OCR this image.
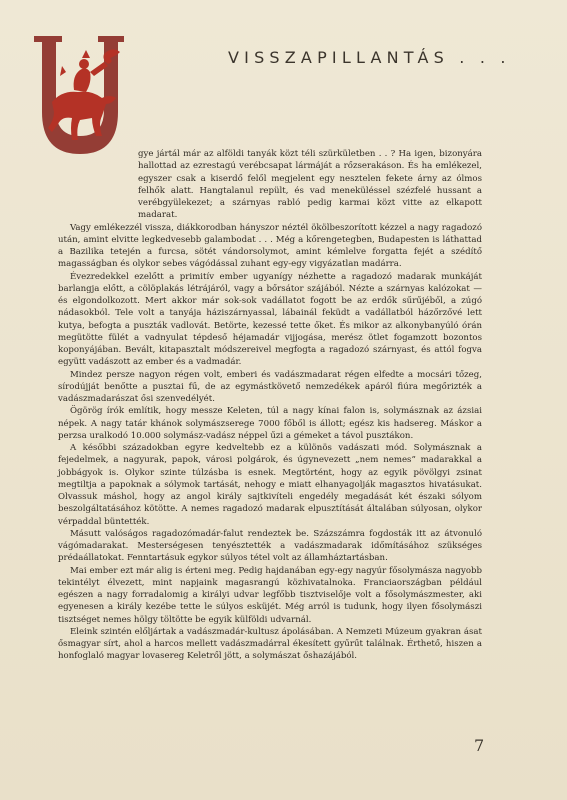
VISSZAPILLANTÁS . . .

gye jártál már az alföldi tanyák közt téli szürkületben . . ? Ha igen, bizonyára hallottad az ezrestagú verébcsapat lármáját a rőzserakáson. És ha emlékezel, egyszer csak a kiserdő felől megjelent egy nesztelen fekete árny az ólmos felhők alatt. Hangtalanul repült, és vad meneküléssel szézfelé hussant a verébgyülekezet; a szárnyas rabló pedig karmai közt vitte az elkapott madarat.

Vagy emlékezzél vissza, diákkorodban hányszor néztél ökölbeszorított kézzel a nagy ragadozó után, amint elvitte legkedvesebb galambodat . . . Még a kőrengetegben, Budapesten is láthattad a Bazilika tetején a furcsa, sötét vándorsolymot, amint kémlelve forgatta fejét a szédítő magasságban és olykor sebes vágódással zuhant egy-egy vigyázatlan madárra.

Évezredekkel ezelőtt a primitív ember ugyanígy nézhette a ragadozó madarak munkáját barlangja előtt, a cölöplakás létrájáról, vagy a bőrsátor szájából. Nézte a szárnyas kalózokat — és elgondolkozott. Mert akkor már sok-sok vadállatot fogott be az erdők sűrűjéből, a zúgó nádasokból. Tele volt a tanyája háziszárnyassal, lábainál feküdt a vadállatból házőrzővé lett kutya, befogta a puszták vadlovát. Betörte, kezessé tette őket. És mikor az alkonybanyúló órán megütötte fülét a vadnyulat tépdeső héjamadár vijjogása, merész ötlet fogamzott bozontos koponyájában. Bevált, kitapasztalt módszereivel megfogta a ragadozó szárnyast, és attól fogva együtt vadászott az ember és a vadmadár.

Mindez persze nagyon régen volt, emberi és vadászmadarat régen elfedte a mocsári tőzeg, sírodújját benőtte a pusztai fű, de az egymástkövető nemzedékek apáról fiúra megőrizték a vadászmadarászat ősi szenvedélyét.

Ögörög írók említik, hogy messze Keleten, túl a nagy kínai falon is, solymásznak az ázsiai népek. A nagy tatár khánok solymászserege 7000 főből is állott; egész kis hadsereg. Máskor a perzsa uralkodó 10.000 solymász-vadász néppel űzi a gémeket a távol pusztákon.

A későbbi századokban egyre kedveltebb ez a különös vadászati mód. Solymásznak a fejedelmek, a nagyurak, papok, városi polgárok, és úgynevezett „nem nemes” madarakkal a jobbágyok is. Olykor szinte túlzásba is esnek. Megtörtént, hogy az egyik pövölgyi zsinat megtiltja a papoknak a sólymok tartását, nehogy e miatt elhanyagolják magasztos hivatásukat. Olvassuk máshol, hogy az angol király sajtkivíteli engedély megadását két északi sólyom beszolgáltatásához kötötte. A nemes ragadozó madarak elpusztítását általában súlyosan, olykor vérpaddal büntették.

Másutt valóságos ragadozómadár-falut rendeztek be. Százszámra fogdosták itt az átvonuló vágómadarakat. Mesterségesen tenyésztették a vadászmadarak időmításához szükséges prédaállatokat. Fenntartásuk egykor súlyos tétel volt az államháztartásban.

Mai ember ezt már alig is érteni meg. Pedig hajdanában egy-egy nagyúr fősolymásza nagyobb tekintélyt élvezett, mint napjaink magasrangú közhivatalnoka. Franciaországban például egészen a nagy forradalomig a királyi udvar legfőbb tisztviselője volt a fősolymászmester, aki egyenesen a király kezébe tette le súlyos esküjét. Még arról is tudunk, hogy ilyen fősolymászi tisztséget nemes hölgy töltötte be egyik külföldi udvarnál.

Eleink szintén előljártak a vadászmadár-kultusz ápolásában. A Nemzeti Múzeum gyakran ásat ősmagyar sírt, ahol a harcos mellett vadászmadárral ékesített gyűrűt találnak. Érthető, hiszen a honfoglaló magyar lovasereg Keletről jött, a solymászat őshazájából.

7
